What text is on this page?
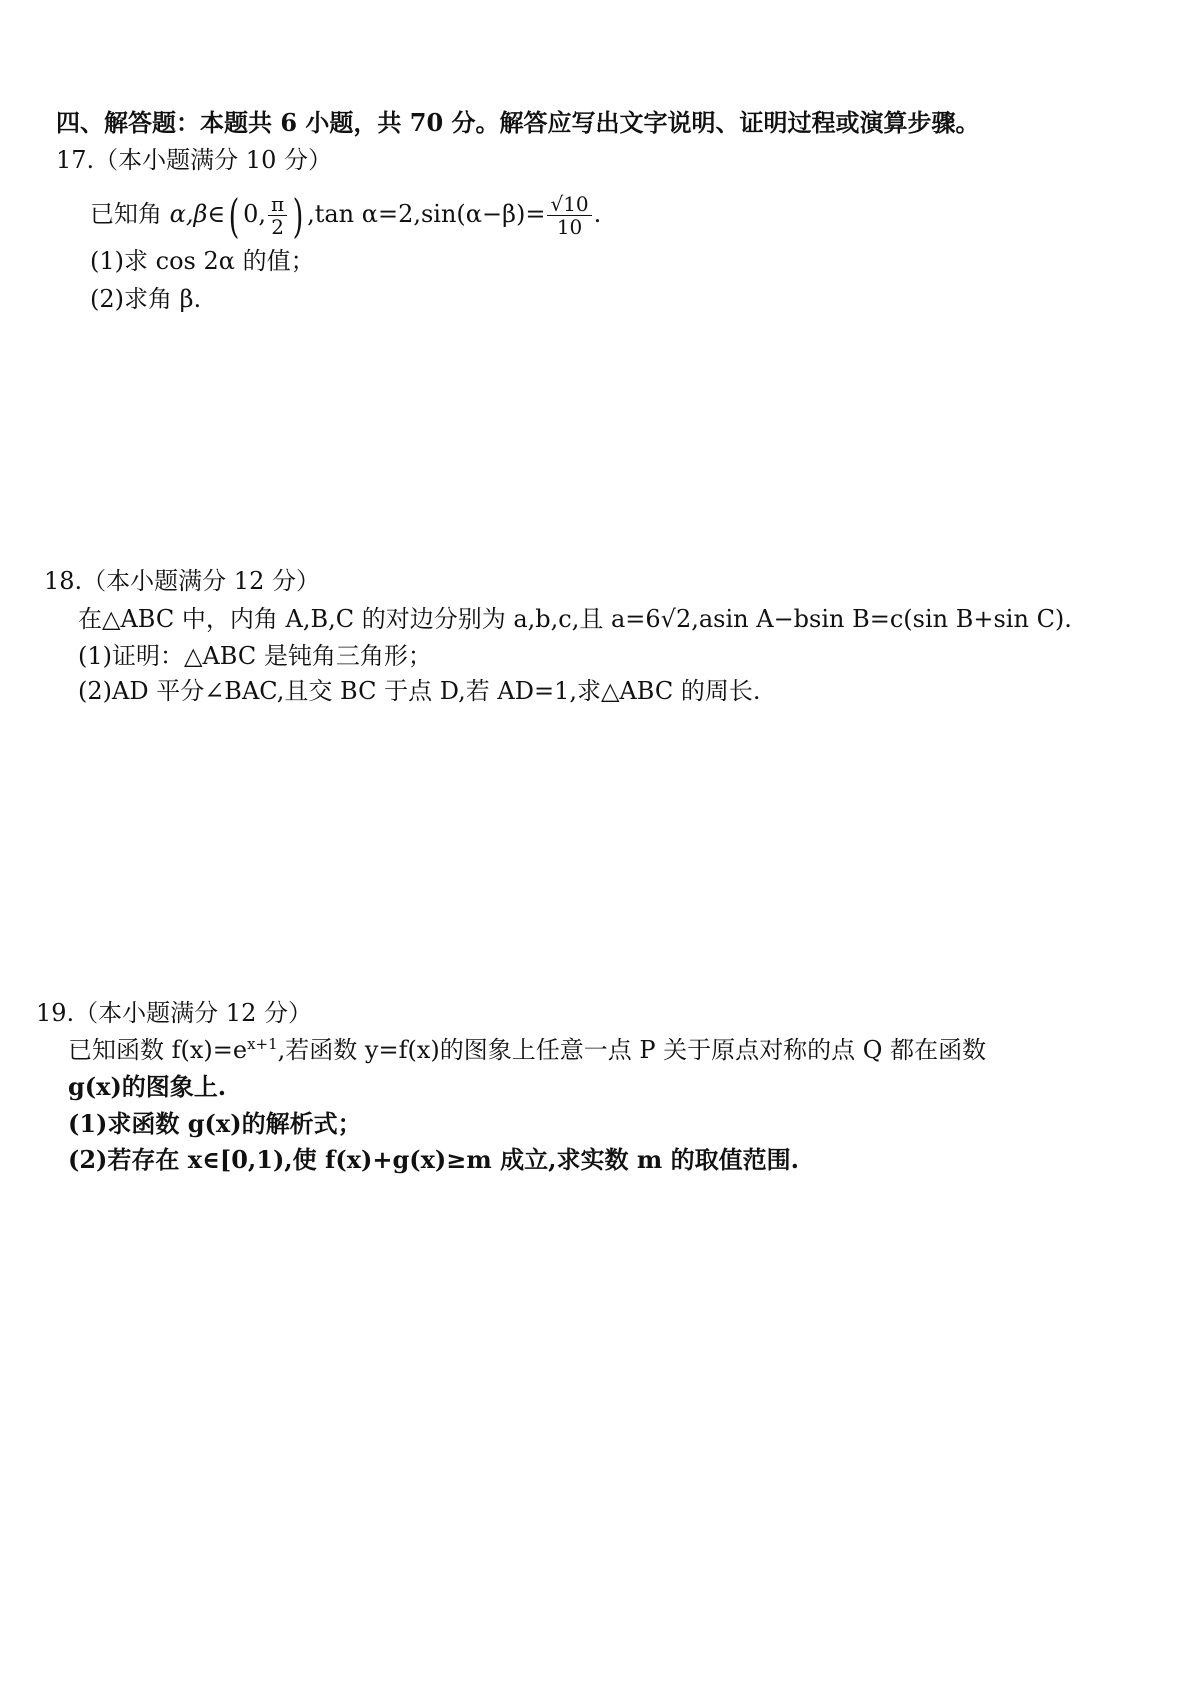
四、解答题：本题共 6 小题，共 70 分。解答应写出文字说明、证明过程或演算步骤。
17.（本小题满分 10 分）
已知角 α,β∈( 0, $\frac{\pi}{2}$ ) ,tan $\alpha=2,\sin(\alpha-\beta)= \frac{√10}{10}$ .
(1)求 cos 2α 的值；
(2)求角 β.
18.（本小题满分 12 分）
在△ABC 中，内角 A,B,C 的对边分别为 a,b,c,且 a=6√2,asin A−bsin B=c(sin B+sin C).
(1)证明：△ABC 是钝角三角形；
(2)AD 平分∠BAC,且交 BC 于点 D,若 AD=1,求△ABC 的周长.
19.（本小题满分 12 分）
已知函数 $f(x)=e^{x+1}$,若函数 y=f(x)的图象上任意一点 P 关于原点对称的点 Q 都在函数
g(x)的图象上.
(1)求函数 g(x)的解析式；
(2)若存在 x∈[0,1),使 f(x)+g(x)≥m 成立,求实数 m 的取值范围.
